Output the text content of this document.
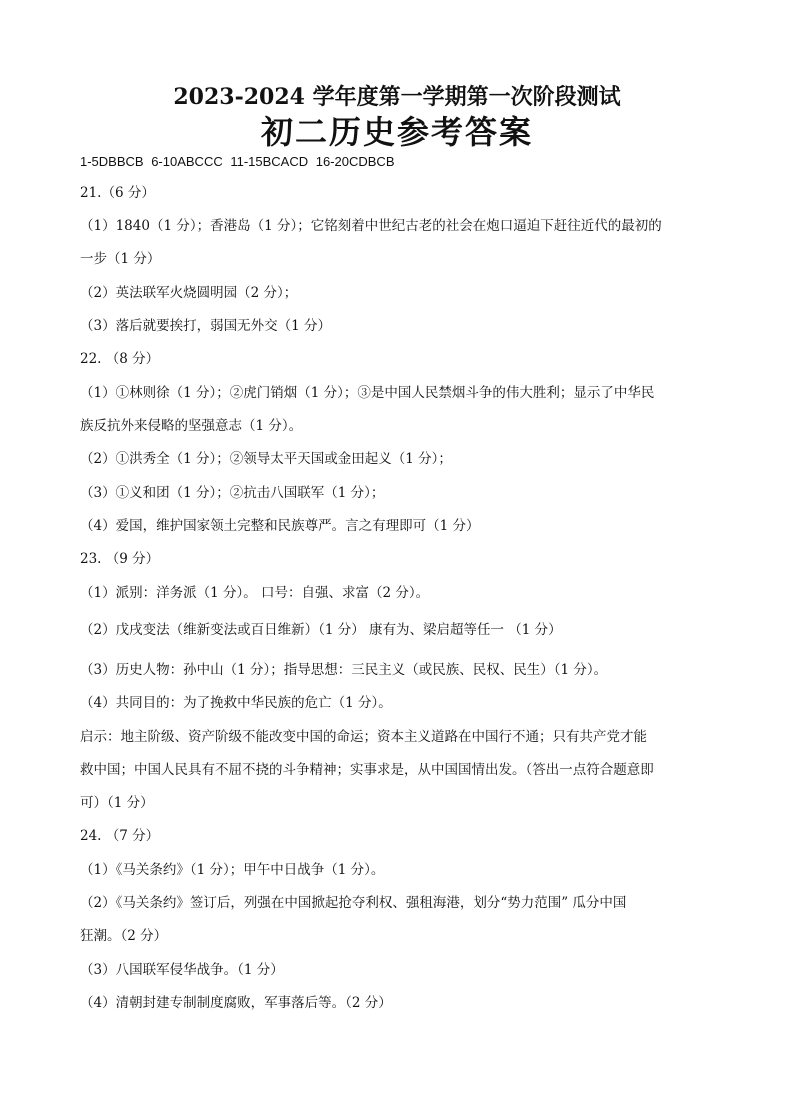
2023-2024 学年度第一学期第一次阶段测试
初二历史参考答案
1-5DBBCB 6-10ABCCC 11-15BCACD 16-20CDBCB
21.（6 分）
（1）1840（1 分）；香港岛（1 分）；它铭刻着中世纪古老的社会在炮口逼迫下赶往近代的最初的
一步（1 分）
（2）英法联军火烧圆明园（2 分）；
（3）落后就要挨打，弱国无外交（1 分）
22. （8 分）
（1）①林则徐（1 分）；②虎门销烟（1 分）；③是中国人民禁烟斗争的伟大胜利；显示了中华民
族反抗外来侵略的坚强意志（1 分）。
（2）①洪秀全（1 分）；②领导太平天国或金田起义（1 分）；
（3）①义和团（1 分）；②抗击八国联军（1 分）；
（4）爱国，维护国家领土完整和民族尊严。言之有理即可（1 分）
23. （9 分）
（1）派别：洋务派（1 分）。 口号：自强、求富（2 分）。
（2）戊戌变法（维新变法或百日维新）（1 分） 康有为、梁启超等任一 （1 分）
（3）历史人物：孙中山（1 分）；指导思想：三民主义（或民族、民权、民生）（1 分）。
（4）共同目的：为了挽救中华民族的危亡（1 分）。
启示：地主阶级、资产阶级不能改变中国的命运；资本主义道路在中国行不通；只有共产党才能
救中国；中国人民具有不屈不挠的斗争精神；实事求是，从中国国情出发。（答出一点符合题意即
可）（1 分）
24. （7 分）
（1）《马关条约》（1 分）；甲午中日战争（1 分）。
（2）《马关条约》签订后，列强在中国掀起抢夺利权、强租海港，划分“势力范围” 瓜分中国
狂潮。（2 分）
（3）八国联军侵华战争。（1 分）
（4）清朝封建专制制度腐败，军事落后等。（2 分）
